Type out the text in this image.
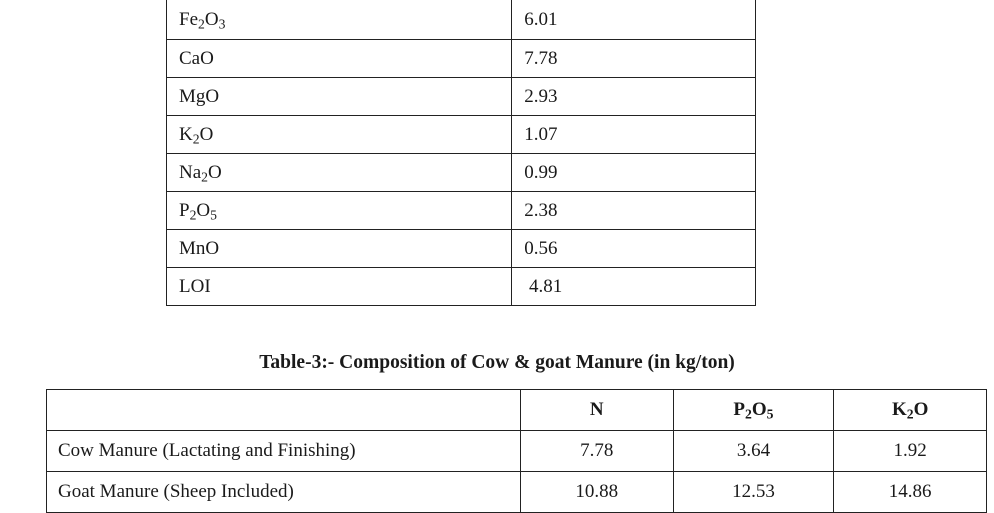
$Fe_2O_3$	6.01
CaO	7.78
MgO	2.93
$K_2O$	1.07
$Na_2O$	0.99
$P_2O_5$	2.38
MnO	0.56
LOI	4.81
Table-3:- Composition of Cow & goat Manure (in kg/ton)
	N	$P_2O_5$	$K_2O$
Cow Manure (Lactating and Finishing)	7.78	3.64	1.92
Goat Manure (Sheep Included)	10.88	12.53	14.86
